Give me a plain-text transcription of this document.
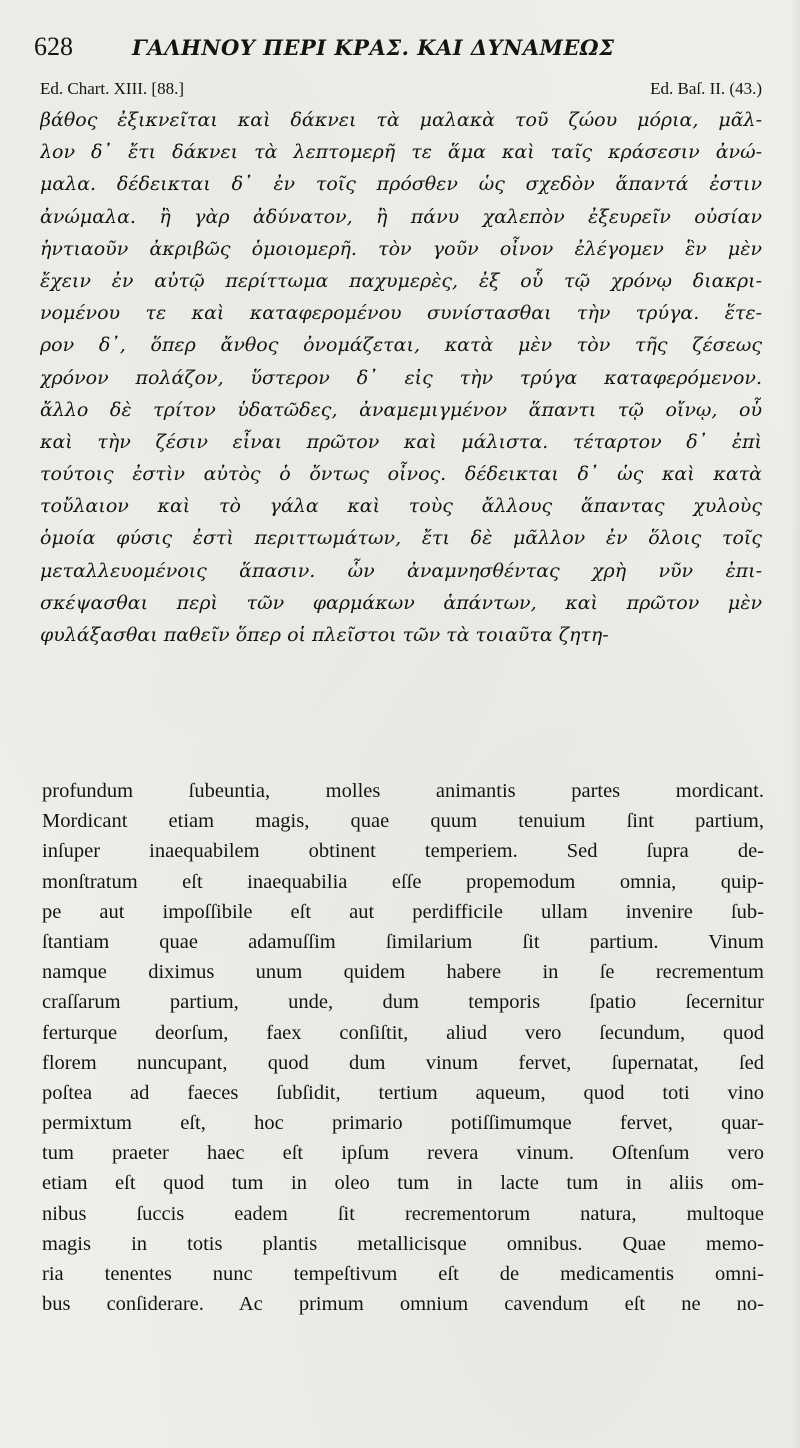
628	ΓΑΛΗΝΟΥ ΠΕΡΙ ΚΡΑΣ. ΚΑΙ ΔΥΝΑΜΕΩΣ
Ed. Chart. XIII. [88.]	Ed. Baſ. II. (43.)
βάθος ἐξικνεῖται καὶ δάκνει τὰ μαλακὰ τοῦ ζώου μόρια, μᾶλ-
λον δ᾽ ἔτι δάκνει τὰ λεπτομερῆ τε ἅμα καὶ ταῖς κράσεσιν ἀνώ-
μαλα. δέδεικται δ᾽ ἐν τοῖς πρόσθεν ὡς σχεδὸν ἅπαντά ἐστιν
ἀνώμαλα. ἢ γὰρ ἀδύνατον, ἢ πάνυ χαλεπὸν ἐξευρεῖν οὐσίαν
ἡντιαοῦν ἀκριβῶς ὁμοιομερῆ. τὸν γοῦν οἶνον ἐλέγομεν ἓν μὲν
ἔχειν ἐν αὐτῷ περίττωμα παχυμερὲς, ἐξ οὗ τῷ χρόνῳ διακρι-
νομένου τε καὶ καταφερομένου συνίστασθαι τὴν τρύγα. ἕτε-
ρον δ᾽, ὅπερ ἄνθος ὀνομάζεται, κατὰ μὲν τὸν τῆς ζέσεως
χρόνον πολάζον, ὕστερον δ᾽ εἰς τὴν τρύγα καταφερόμενον.
ἄλλο δὲ τρίτον ὑδατῶδες, ἀναμεμιγμένον ἅπαντι τῷ οἴνῳ, οὗ
καὶ τὴν ζέσιν εἶναι πρῶτον καὶ μάλιστα. τέταρτον δ᾽ ἐπὶ
τούτοις ἐστὶν αὐτὸς ὁ ὄντως οἶνος. δέδεικται δ᾽ ὡς καὶ κατὰ
τοὔλαιον καὶ τὸ γάλα καὶ τοὺς ἄλλους ἅπαντας χυλοὺς
ὁμοία φύσις ἐστὶ περιττωμάτων, ἔτι δὲ μᾶλλον ἐν ὅλοις τοῖς
μεταλλευομένοις ἅπασιν. ὧν ἀναμνησθέντας χρὴ νῦν ἐπι-
σκέψασθαι περὶ τῶν φαρμάκων ἁπάντων, καὶ πρῶτον μὲν
φυλάξασθαι παθεῖν ὅπερ οἱ πλεῖστοι τῶν τὰ τοιαῦτα ζητη-
profundum ſubeuntia, molles animantis partes mordicant.
Mordicant etiam magis, quae quum tenuium ſint partium,
inſuper inaequabilem obtinent temperiem. Sed ſupra de-
monſtratum eſt inaequabilia eſſe propemodum omnia, quip-
pe aut impoſſibile eſt aut perdifficile ullam invenire ſub-
ſtantiam quae adamuſſim ſimilarium ſit partium. Vinum
namque diximus unum quidem habere in ſe recrementum
craſſarum partium, unde, dum temporis ſpatio ſecernitur
ferturque deorſum, faex conſiſtit, aliud vero ſecundum, quod
florem nuncupant, quod dum vinum fervet, ſupernatat, ſed
poſtea ad faeces ſubſidit, tertium aqueum, quod toti vino
permixtum eſt, hoc primario potiſſimumque fervet, quar-
tum praeter haec eſt ipſum revera vinum. Oſtenſum vero
etiam eſt quod tum in oleo tum in lacte tum in aliis om-
nibus ſuccis eadem ſit recrementorum natura, multoque
magis in totis plantis metallicisque omnibus. Quae memo-
ria tenentes nunc tempeſtivum eſt de medicamentis omni-
bus conſiderare. Ac primum omnium cavendum eſt ne no-
